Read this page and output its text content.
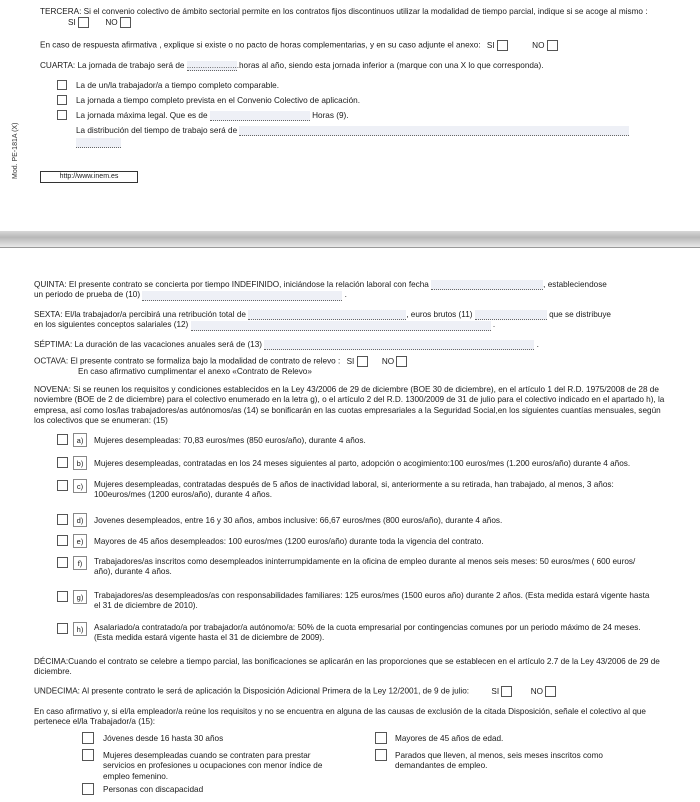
TERCERA: Si el convenio colectivo de ámbito sectorial permite en los contratos fijos discontinuos utilizar la modalidad de tiempo parcial, indique si se acoge al mismo : SI	NO
En caso de respuesta afirmativa , explique si existe o no pacto de horas complementarias, y en su caso adjunte el anexo: SI	NO
CUARTA: La jornada de trabajo será de ........................ horas al año, siendo esta jornada inferior a (marque con una X lo que corresponda).
La de un/la trabajador/a a tiempo completo comparable.
La jornada a tiempo completo prevista en el Convenio Colectivo de aplicación.
La jornada máxima legal. Que es de	Horas (9).
La distribución del tiempo de trabajo será de
Mod. PE-181A (X)	http://www.inem.es
QUINTA: El presente contrato se concierta por tiempo INDEFINIDO, iniciándose la relación laboral con fecha	, estableciendose
un periodo de prueba de (10)	.
SEXTA: El/la trabajador/a percibirá una retribución total de	, euros brutos (11)	que se distribuye
en los siguientes conceptos salariales (12)	.
SÉPTIMA: La duración de las vacaciones anuales será de (13)	.
OCTAVA: El presente contrato se formaliza bajo la modalidad de contrato de relevo : SI	NO
En caso afirmativo cumplimentar el anexo «Contrato de Relevo»
NOVENA: Si se reunen los requisitos y condiciones establecidos en la Ley 43/2006 de 29 de diciembre (BOE 30 de diciembre), en el artículo 1 del R.D. 1975/2008 de 28 de noviembre (BOE de 2 de diciembre) para el colectivo enumerado en la letra g), o el artículo 2 del R.D. 1300/2009 de 31 de julio para el colectivo indicado en el apartado h), la empresa, así como los/las trabajadores/as autónomos/as (14) se bonificarán en las cuotas empresariales a la Seguridad Social,en los siguientes cuantías mensuales, según los colectivos que se enumeran: (15)
a)	Mujeres desempleadas: 70,83 euros/mes (850 euros/año), durante 4 años.
b)	Mujeres desempleadas, contratadas en los 24 meses siguientes al parto, adopción o acogimiento:100 euros/mes (1.200 euros/año) durante 4 años.
c)	Mujeres desempleadas, contratadas después de 5 años de inactividad laboral, si, anteriormente a su retirada, han trabajado, al menos, 3 años: 100euros/mes (1200 euros/año), durante 4 años.
d)	Jovenes desempleados, entre 16 y 30 años, ambos inclusive: 66,67 euros/mes (800 euros/año), durante 4 años.
e)	Mayores de 45 años desempleados: 100 euros/mes (1200 euros/año) durante toda la vigencia del contrato.
f)	Trabajadores/as inscritos como desempleados ininterrumpidamente en la oficina de empleo durante al menos seis meses: 50 euros/mes ( 600 euros/ año), durante 4 años.
g)	Trabajadores/as desempleados/as con responsabilidades familiares: 125 euros/mes (1500 euros año) durante 2 años. (Esta medida estará vigente hasta el 31 de diciembre de 2010).
h)	Asalariado/a contratado/a por trabajador/a autónomo/a: 50% de la cuota empresarial por contingencias comunes por un periodo máximo de 24 meses. (Esta medida estará vigente hasta el 31 de diciembre de 2009).
DÉCIMA:Cuando el contrato se celebre a tiempo parcial, las bonificaciones se aplicarán en las proporciones que se establecen en el artículo 2.7 de la Ley 43/2006 de 29 de diciembre.
UNDECIMA: Al presente contrato le será de aplicación la Disposición Adicional Primera de la Ley 12/2001, de 9 de julio:	SI	NO
En caso afirmativo y, si el/la empleador/a reúne los requisitos y no se encuentra en alguna de las causas de exclusión de la citada Disposición, señale el colectivo al que pertenece el/la Trabajador/a (15):
Jóvenes desde 16 hasta 30 años	Mayores de 45 años de edad.
Mujeres desempleadas cuando se contraten para prestar servicios en profesiones u ocupaciones con menor índice de empleo femenino.
Parados que lleven, al menos, seis meses inscritos como demandantes de empleo.
Personas con discapacidad
